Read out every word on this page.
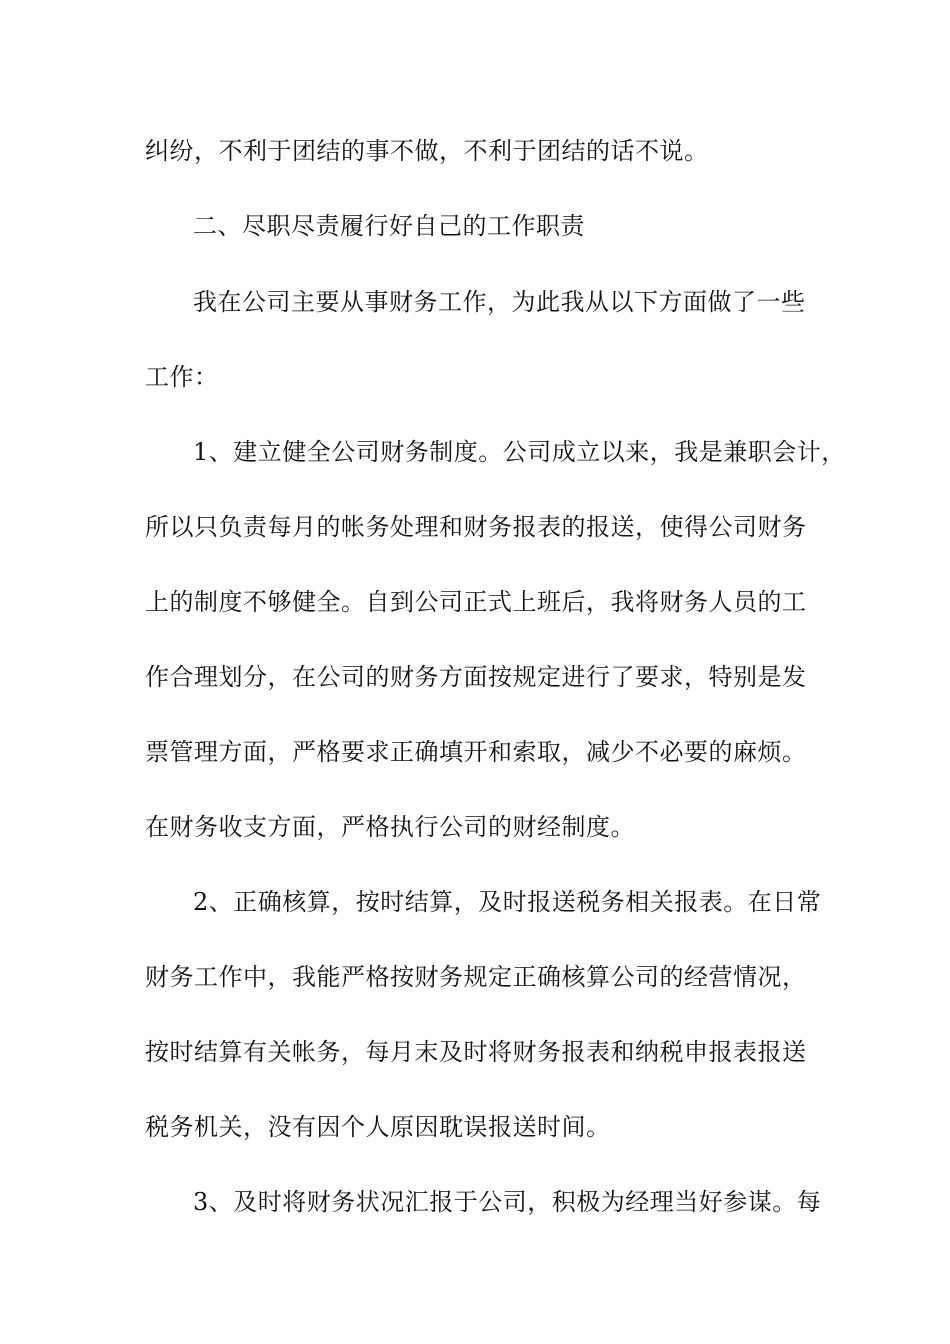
纠纷，不利于团结的事不做，不利于团结的话不说。
二、尽职尽责履行好自己的工作职责
我在公司主要从事财务工作，为此我从以下方面做了一些
工作：
1、建立健全公司财务制度。公司成立以来，我是兼职会计，
所以只负责每月的帐务处理和财务报表的报送，使得公司财务
上的制度不够健全。自到公司正式上班后，我将财务人员的工
作合理划分，在公司的财务方面按规定进行了要求，特别是发
票管理方面，严格要求正确填开和索取，减少不必要的麻烦。
在财务收支方面，严格执行公司的财经制度。
2、正确核算，按时结算，及时报送税务相关报表。在日常
财务工作中，我能严格按财务规定正确核算公司的经营情况，
按时结算有关帐务，每月末及时将财务报表和纳税申报表报送
税务机关，没有因个人原因耽误报送时间。
3、及时将财务状况汇报于公司，积极为经理当好参谋。每
